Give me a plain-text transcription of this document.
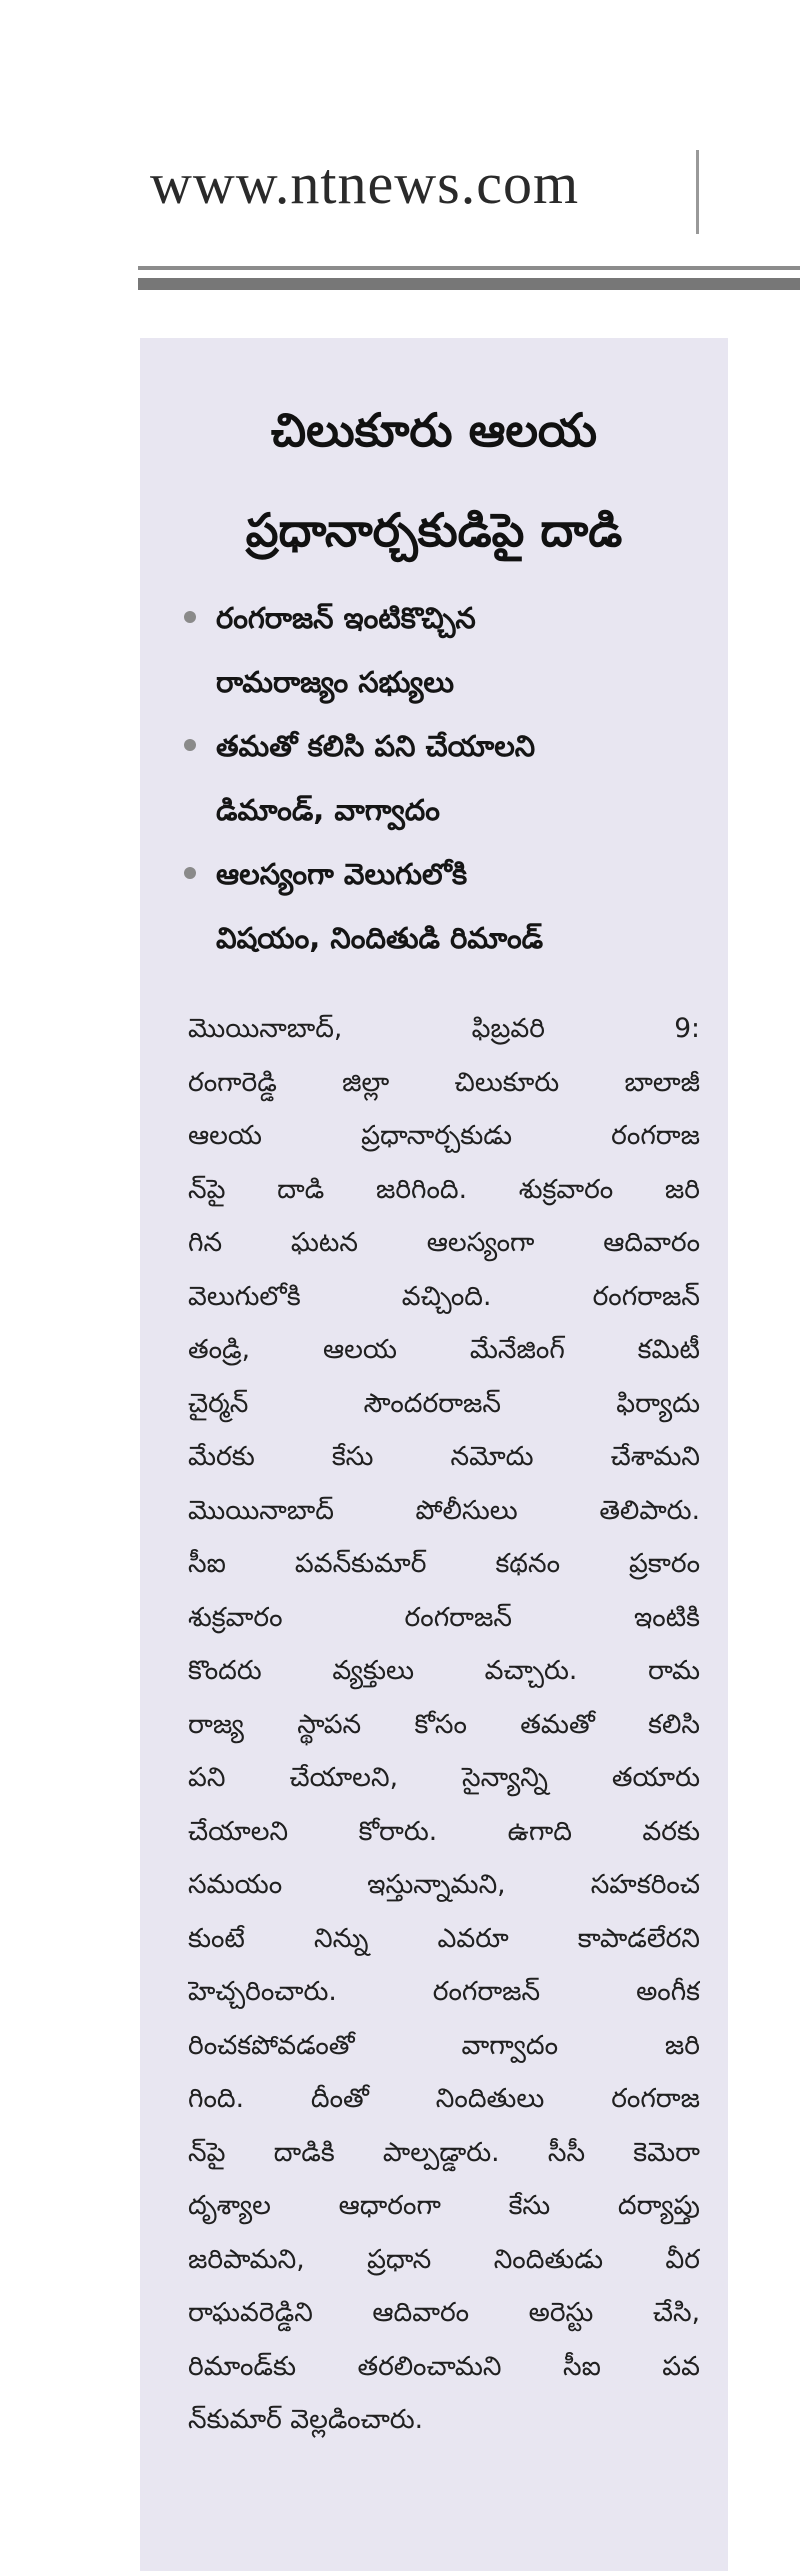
www.ntnews.com
చిలుకూరు ఆలయ
ప్రధానార్చకుడిపై దాడి
రంగరాజన్ ఇంటికొచ్చిన
రామరాజ్యం సభ్యులు
తమతో కలిసి పని చేయాలని
డిమాండ్, వాగ్వాదం
ఆలస్యంగా వెలుగులోకి
విషయం, నిందితుడి రిమాండ్
మొయినాబాద్, ఫిబ్రవరి 9:
రంగారెడ్డి జిల్లా చిలుకూరు బాలాజీ
ఆలయ ప్రధానార్చకుడు రంగరాజ
న్‌పై దాడి జరిగింది. శుక్రవారం జరి
గిన ఘటన ఆలస్యంగా ఆదివారం
వెలుగులోకి వచ్చింది. రంగరాజన్
తండ్రి, ఆలయ మేనేజింగ్ కమిటీ
చైర్మన్ సౌందరరాజన్ ఫిర్యాదు
మేరకు కేసు నమోదు చేశామని
మొయినాబాద్ పోలీసులు తెలిపారు.
సీఐ పవన్‌కుమార్ కథనం ప్రకారం
శుక్రవారం రంగరాజన్ ఇంటికి
కొందరు వ్యక్తులు వచ్చారు. రామ
రాజ్య స్థాపన కోసం తమతో కలిసి
పని చేయాలని, సైన్యాన్ని తయారు
చేయాలని కోరారు. ఉగాది వరకు
సమయం ఇస్తున్నామని, సహకరించ
కుంటే నిన్ను ఎవరూ కాపాడలేరని
హెచ్చరించారు. రంగరాజన్ అంగీక
రించకపోవడంతో వాగ్వాదం జరి
గింది. దీంతో నిందితులు రంగరాజ
న్‌పై దాడికి పాల్పడ్డారు. సీసీ కెమెరా
దృశ్యాల ఆధారంగా కేసు దర్యాప్తు
జరిపామని, ప్రధాన నిందితుడు వీర
రాఘవరెడ్డిని ఆదివారం అరెస్టు చేసి,
రిమాండ్‌కు తరలించామని సీఐ పవ
న్‌కుమార్ వెల్లడించారు.
